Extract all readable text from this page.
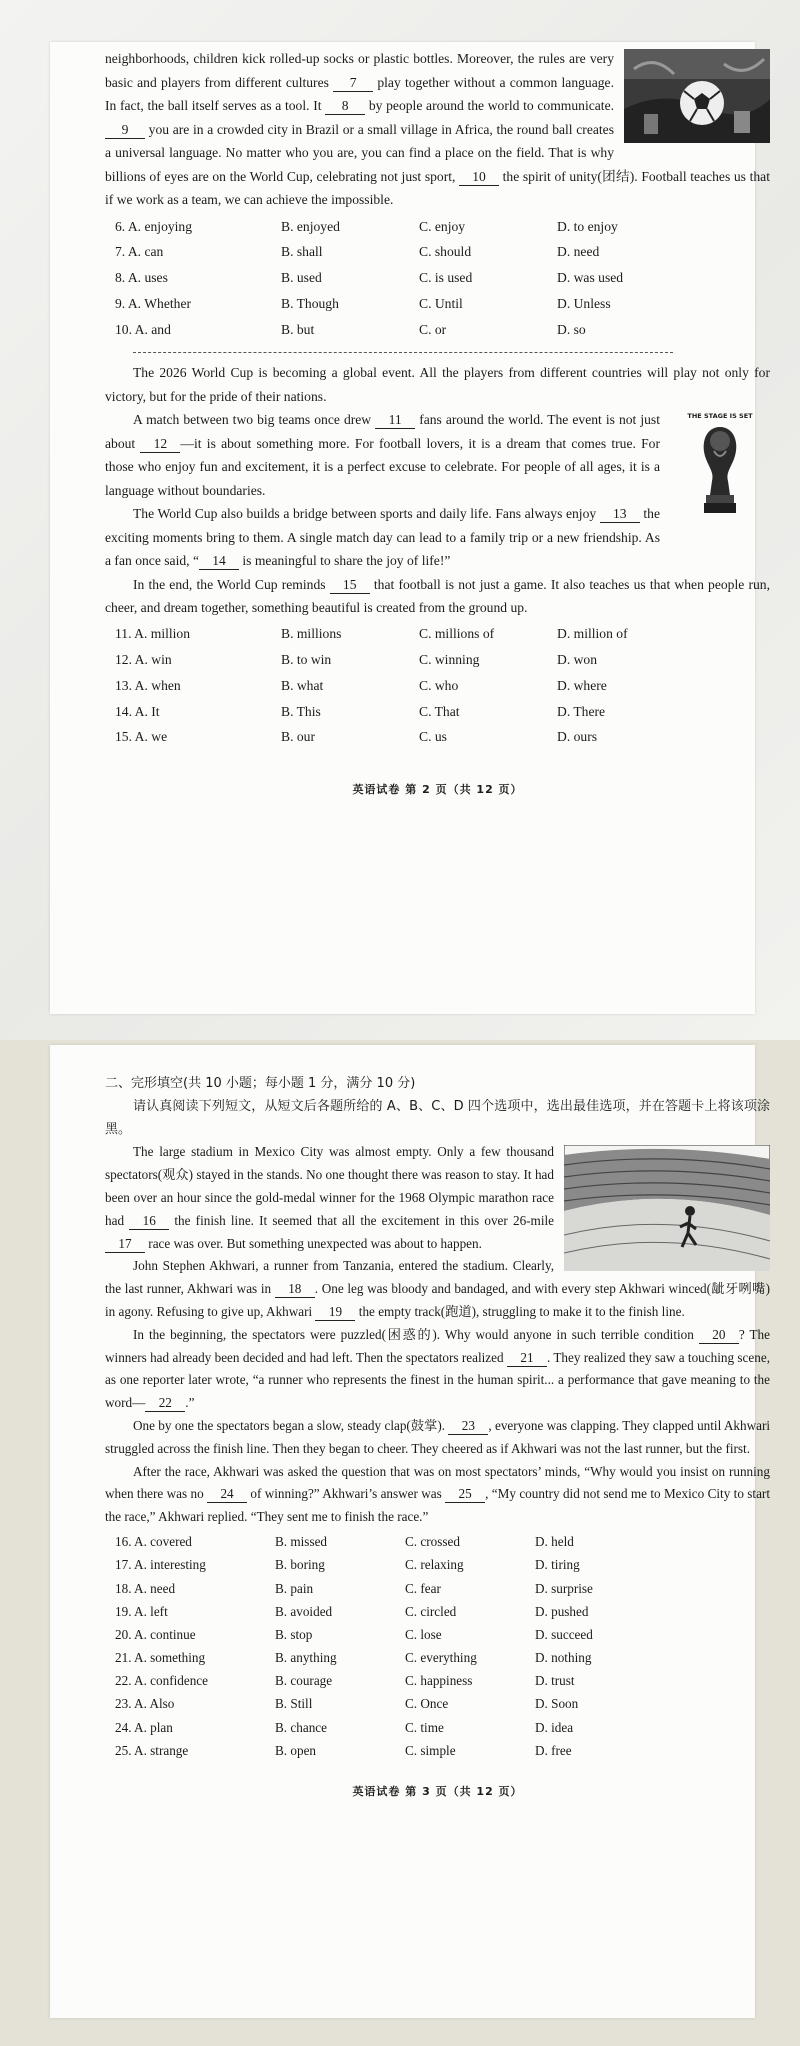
neighborhoods, children kick rolled-up socks or plastic bottles. Moreover, the rules are very basic and players from different cultures 7 play together without a common language. In fact, the ball itself serves as a tool. It 8 by people around the world to communicate. 9 you are in a crowded city in Brazil or a small village in Africa, the round ball creates a universal language. No matter who you are, you can find a place on the field. That is why billions of eyes are on the World Cup, celebrating not just sport, 10 the spirit of unity(团结). Football teaches us that if we work as a team, we can achieve the impossible.

6. A. enjoying	B. enjoyed	C. enjoy	D. to enjoy
7. A. can	B. shall	C. should	D. need
8. A. uses	B. used	C. is used	D. was used
9. A. Whether	B. Though	C. Until	D. Unless
10. A. and	B. but	C. or	D. so

The 2026 World Cup is becoming a global event. All the players from different countries will play not only for victory, but for the pride of their nations.

THE STAGE IS SET

A match between two big teams once drew 11 fans around the world. The event is not just about 12 —it is about something more. For football lovers, it is a dream that comes true. For those who enjoy fun and excitement, it is a perfect excuse to celebrate. For people of all ages, it is a language without boundaries.

The World Cup also builds a bridge between sports and daily life. Fans always enjoy 13 the exciting moments bring to them. A single match day can lead to a family trip or a new friendship. As a fan once said, “ 14 is meaningful to share the joy of life!”

In the end, the World Cup reminds 15 that football is not just a game. It also teaches us that when people run, cheer, and dream together, something beautiful is created from the ground up.

11. A. million	B. millions	C. millions of	D. million of
12. A. win	B. to win	C. winning	D. won
13. A. when	B. what	C. who	D. where
14. A. It	B. This	C. That	D. There
15. A. we	B. our	C. us	D. ours
英语试卷 第 2 页（共 12 页）
二、完形填空(共 10 小题；每小题 1 分，满分 10 分)

请认真阅读下列短文，从短文后各题所给的 A、B、C、D 四个选项中，选出最佳选项，并在答题卡上将该项涂黑。

The large stadium in Mexico City was almost empty. Only a few thousand spectators(观众) stayed in the stands. No one thought there was reason to stay. It had been over an hour since the gold-medal winner for the 1968 Olympic marathon race had 16 the finish line. It seemed that all the excitement in this over 26-mile17 race was over. But something unexpected was about to happen.

John Stephen Akhwari, a runner from Tanzania, entered the stadium. Clearly, the last runner, Akhwari was in 18 . One leg was bloody and bandaged, and with every step Akhwari winced(龇牙咧嘴) in agony. Refusing to give up, Akhwari 19 the empty track(跑道), struggling to make it to the finish line.

In the beginning, the spectators were puzzled(困惑的). Why would anyone in such terrible condition 20 ? The winners had already been decided and had left. Then the spectators realized 21 . They realized they saw a touching scene, as one reporter later wrote, “a runner who represents the finest in the human spirit... a performance that gave meaning to the word— 22 .”

One by one the spectators began a slow, steady clap(鼓掌). 23 , everyone was clapping. They clapped until Akhwari struggled across the finish line. Then they began to cheer. They cheered as if Akhwari was not the last runner, but the first.

After the race, Akhwari was asked the question that was on most spectators’ minds, “Why would you insist on running when there was no 24 of winning?” Akhwari’s answer was 25 , “My country did not send me to Mexico City to start the race,” Akhwari replied. “They sent me to finish the race.”

16. A. covered	B. missed	C. crossed	D. held
17. A. interesting	B. boring	C. relaxing	D. tiring
18. A. need	B. pain	C. fear	D. surprise
19. A. left	B. avoided	C. circled	D. pushed
20. A. continue	B. stop	C. lose	D. succeed
21. A. something	B. anything	C. everything	D. nothing
22. A. confidence	B. courage	C. happiness	D. trust
23. A. Also	B. Still	C. Once	D. Soon
24. A. plan	B. chance	C. time	D. idea
25. A. strange	B. open	C. simple	D. free
英语试卷 第 3 页（共 12 页）
